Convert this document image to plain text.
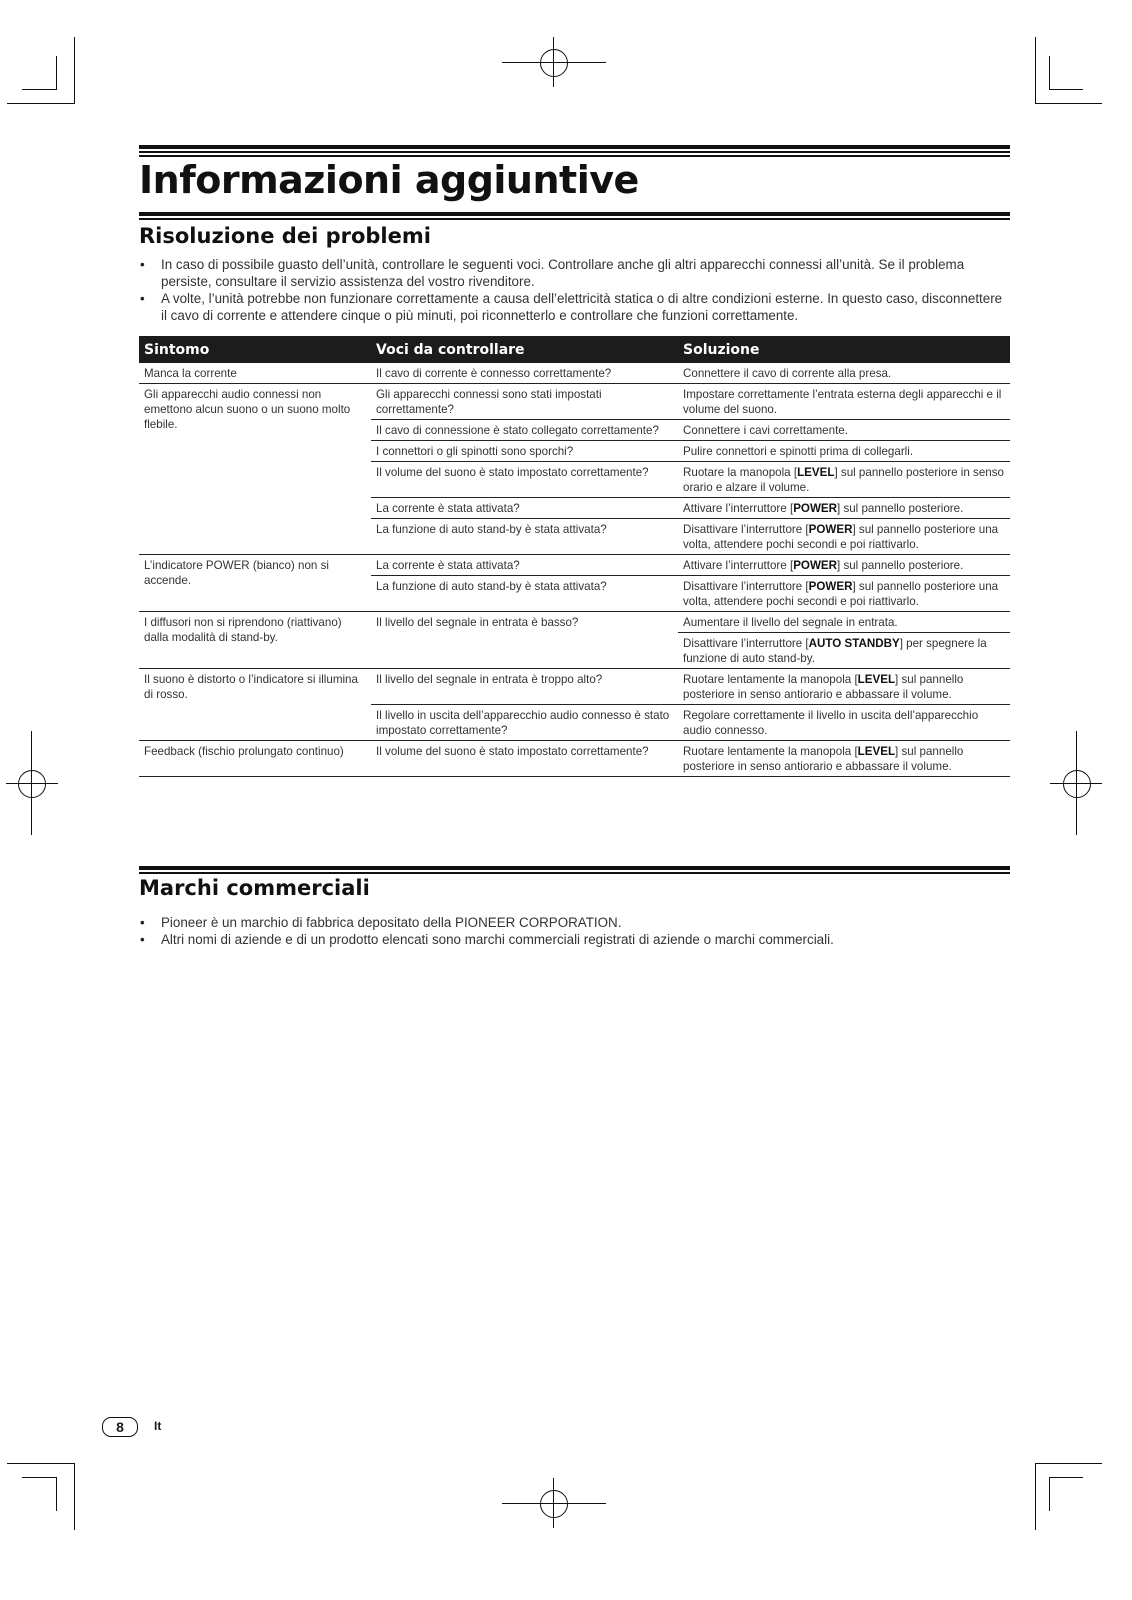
Informazioni aggiuntive
Risoluzione dei problemi
• In caso di possibile guasto dell’unità, controllare le seguenti voci. Controllare anche gli altri apparecchi connessi all’unità. Se il problema persiste, consultare il servizio assistenza del vostro rivenditore.
• A volte, l’unità potrebbe non funzionare correttamente a causa dell’elettricità statica o di altre condizioni esterne. In questo caso, disconnettere il cavo di corrente e attendere cinque o più minuti, poi riconnetterlo e controllare che funzioni correttamente.
Sintomo	Voci da controllare	Soluzione
Manca la corrente	Il cavo di corrente è connesso correttamente?	Connettere il cavo di corrente alla presa.
Gli apparecchi audio connessi non emettono alcun suono o un suono molto flebile.	Gli apparecchi connessi sono stati impostati correttamente?	Impostare correttamente l’entrata esterna degli apparecchi e il volume del suono.
	Il cavo di connessione è stato collegato correttamente?	Connettere i cavi correttamente.
	I connettori o gli spinotti sono sporchi?	Pulire connettori e spinotti prima di collegarli.
	Il volume del suono è stato impostato correttamente?	Ruotare la manopola [LEVEL] sul pannello posteriore in senso orario e alzare il volume.
	La corrente è stata attivata?	Attivare l’interruttore [POWER] sul pannello posteriore.
	La funzione di auto stand-by è stata attivata?	Disattivare l’interruttore [POWER] sul pannello posteriore una volta, attendere pochi secondi e poi riattivarlo.
L’indicatore POWER (bianco) non si accende.	La corrente è stata attivata?	Attivare l’interruttore [POWER] sul pannello posteriore.
	La funzione di auto stand-by è stata attivata?	Disattivare l’interruttore [POWER] sul pannello posteriore una volta, attendere pochi secondi e poi riattivarlo.
I diffusori non si riprendono (riattivano) dalla modalità di stand-by.	Il livello del segnale in entrata è basso?	Aumentare il livello del segnale in entrata.
		Disattivare l’interruttore [AUTO STANDBY] per spegnere la funzione di auto stand-by.
Il suono è distorto o l’indicatore si illumina di rosso.	Il livello del segnale in entrata è troppo alto?	Ruotare lentamente la manopola [LEVEL] sul pannello posteriore in senso antiorario e abbassare il volume.
	Il livello in uscita dell’apparecchio audio connesso è stato impostato correttamente?	Regolare correttamente il livello in uscita dell’apparecchio audio connesso.
Feedback (fischio prolungato continuo)	Il volume del suono è stato impostato correttamente?	Ruotare lentamente la manopola [LEVEL] sul pannello posteriore in senso antiorario e abbassare il volume.
Marchi commerciali
• Pioneer è un marchio di fabbrica depositato della PIONEER CORPORATION.
• Altri nomi di aziende e di un prodotto elencati sono marchi commerciali registrati di aziende o marchi commerciali.
8	It
